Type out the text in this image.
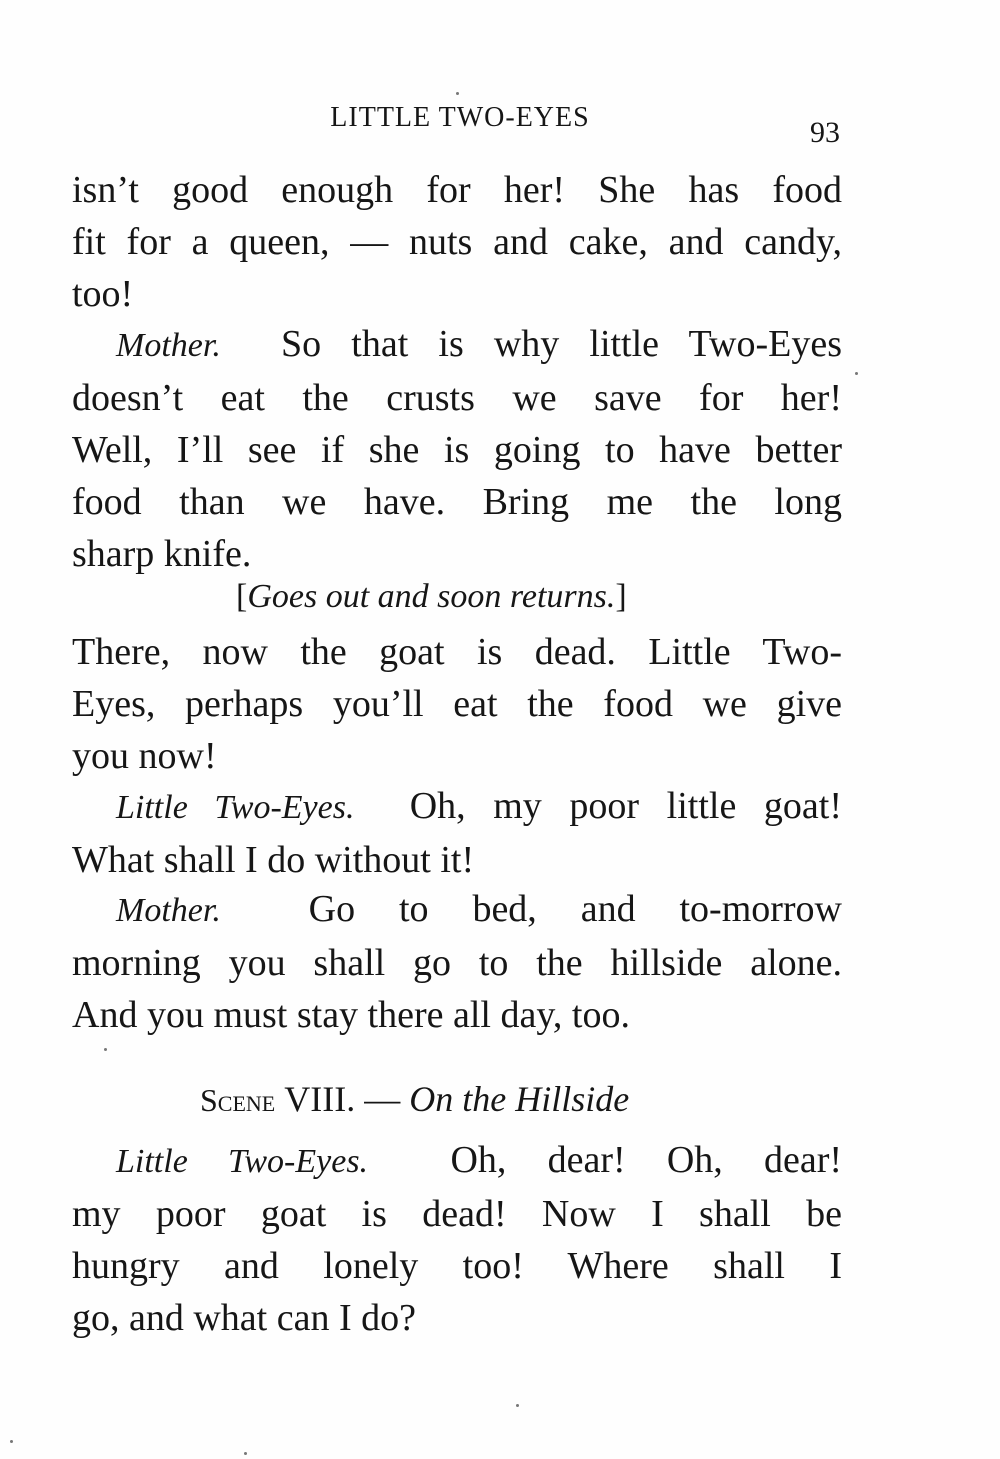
LITTLE TWO-EYES	93
isn’t good enough for her! She has food
fit for a queen, — nuts and cake, and candy,
too!
Mother. So that is why little Two-Eyes
doesn’t eat the crusts we save for her!
Well, I’ll see if she is going to have better
food than we have. Bring me the long
sharp knife.
[Goes out and soon returns.]
There, now the goat is dead. Little Two-
Eyes, perhaps you’ll eat the food we give
you now!
Little Two-Eyes. Oh, my poor little goat!
What shall I do without it!
Mother. Go to bed, and to-morrow
morning you shall go to the hillside alone.
And you must stay there all day, too.
Scene VIII. — On the Hillside
Little Two-Eyes. Oh, dear! Oh, dear!
my poor goat is dead! Now I shall be
hungry and lonely too! Where shall I
go, and what can I do?
